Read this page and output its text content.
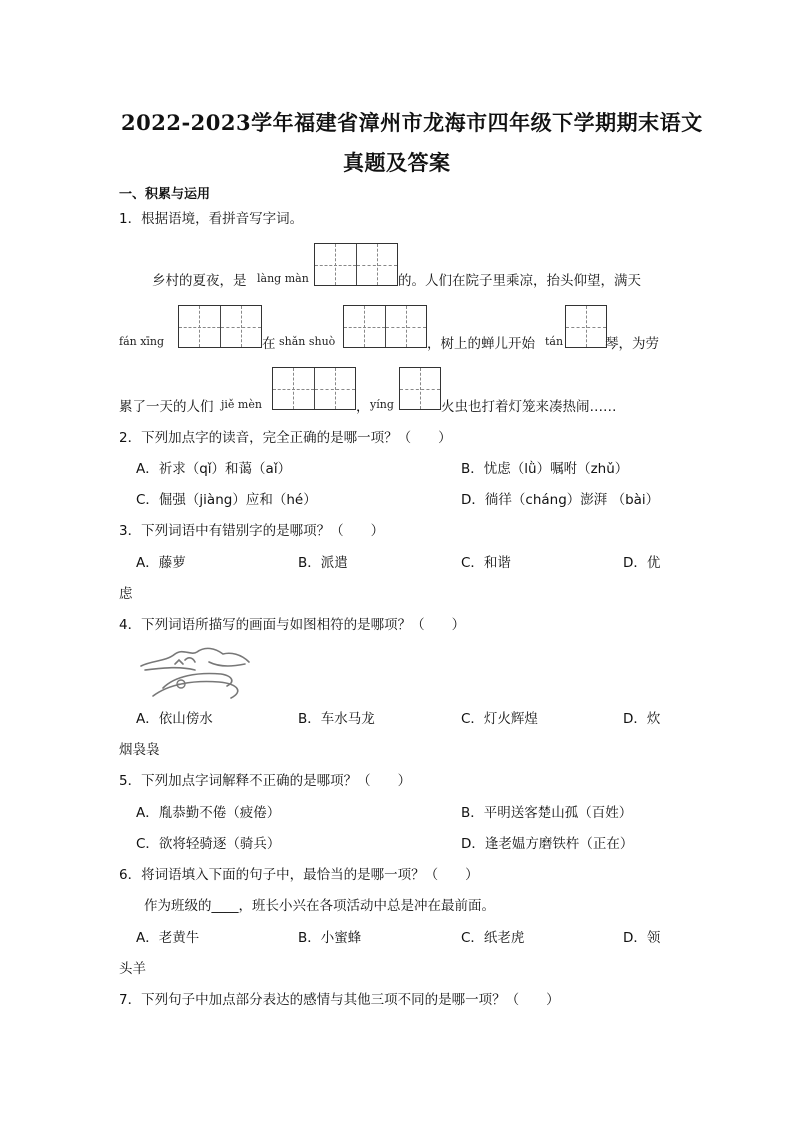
2022-2023学年福建省漳州市龙海市四年级下学期期末语文
真题及答案
一、积累与运用
1．根据语境，看拼音写字词。
乡村的夏夜，是 làng màn	的。人们在院子里乘凉，抬头仰望，满天
fán xīng	在 shǎn shuò	，树上的蝉儿开始 tán	琴，为劳
累了一天的人们 jiě mèn	， yíng	火虫也打着灯笼来凑热闹……
2．下列加点字的读音，完全正确的是哪一项？（　　）
A．祈求（qǐ）和蔼（aǐ）	B．忧虑（lǜ）嘱咐（zhǔ）
C．倔强（jiàng）应和（hé）	D．徜徉（cháng）澎湃 （bài）
3．下列词语中有错别字的是哪项？（　　）
A．藤萝	B．派遣	C．和谐	D．优
虑
4．下列词语所描写的画面与如图相符的是哪项？（　　）
A．依山傍水	B．车水马龙	C．灯火辉煌	D．炊
烟袅袅
5．下列加点字词解释不正确的是哪项？（　　）
A．胤恭勤不倦（疲倦）	B．平明送客楚山孤（百姓）
C．欲将轻骑逐（骑兵）	D．逢老媪方磨铁杵（正在）
6．将词语填入下面的句子中，最恰当的是哪一项？（　　）
作为班级的____，班长小兴在各项活动中总是冲在最前面。
A．老黄牛	B．小蜜蜂	C．纸老虎	D．领
头羊
7．下列句子中加点部分表达的感情与其他三项不同的是哪一项？（　　）
